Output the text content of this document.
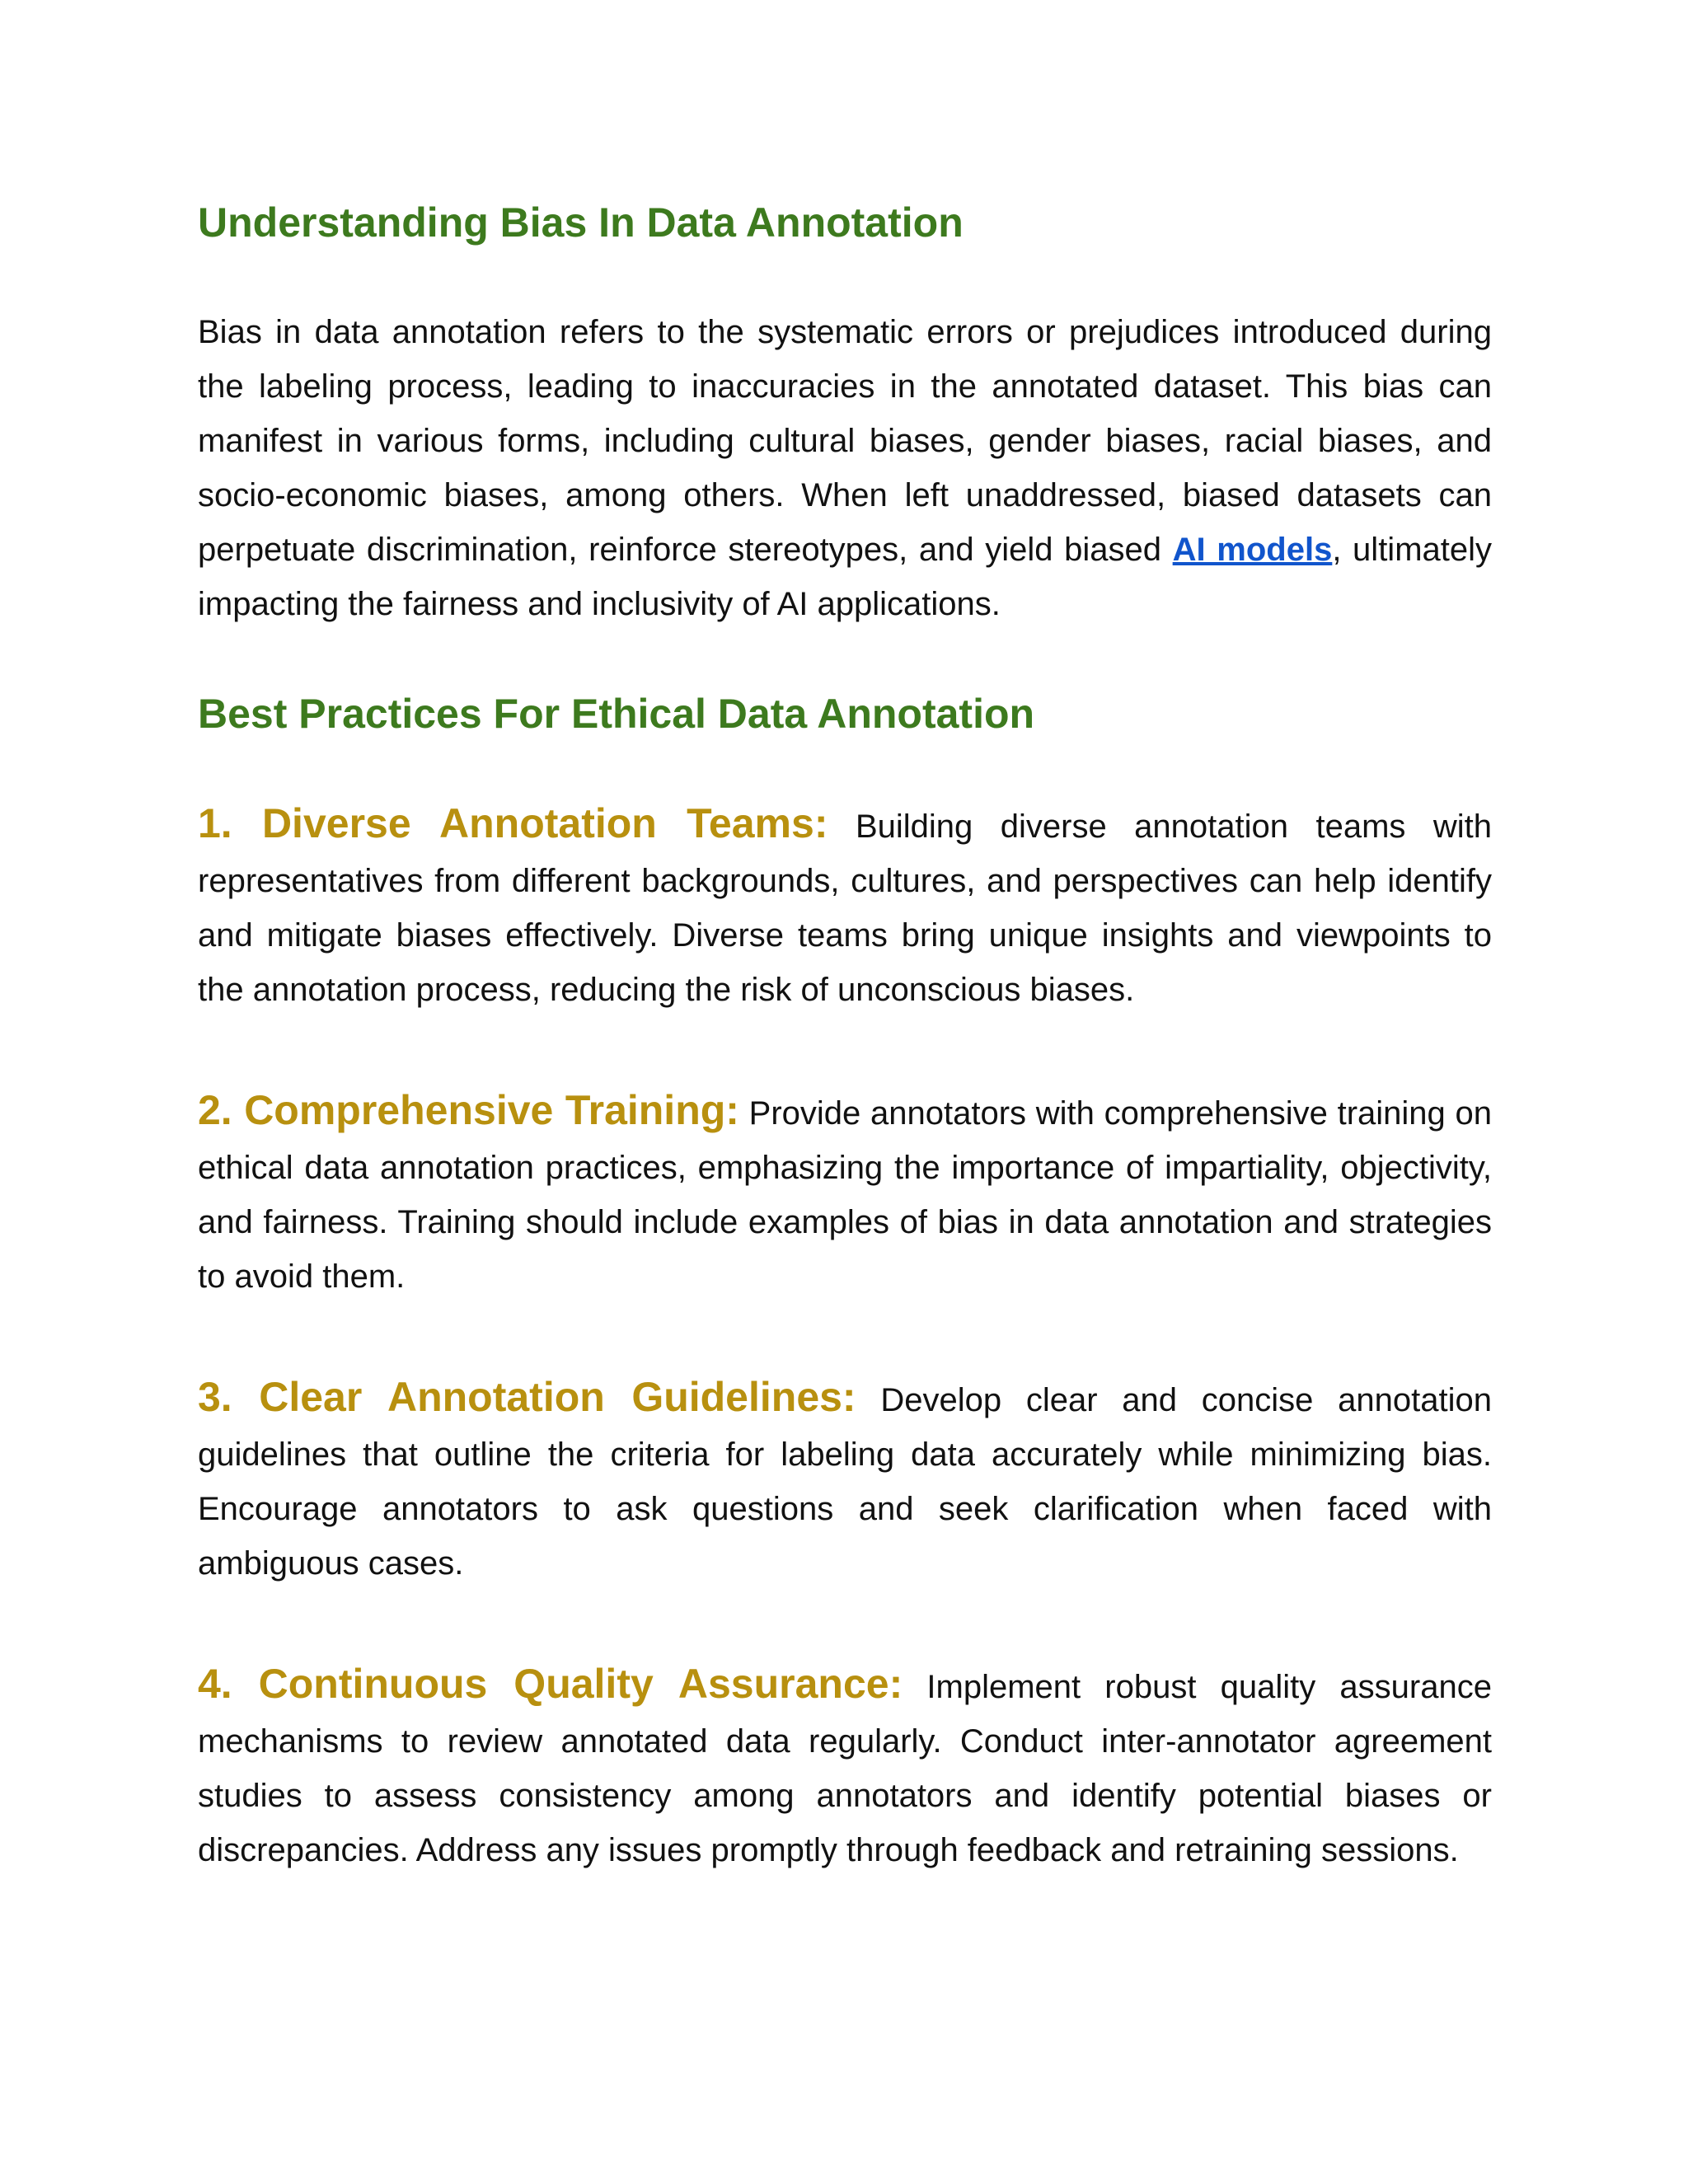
Understanding Bias In Data Annotation

Bias in data annotation refers to the systematic errors or prejudices introduced during the labeling process, leading to inaccuracies in the annotated dataset. This bias can manifest in various forms, including cultural biases, gender biases, racial biases, and socio-economic biases, among others. When left unaddressed, biased datasets can perpetuate discrimination, reinforce stereotypes, and yield biased AI models, ultimately impacting the fairness and inclusivity of AI applications.

Best Practices For Ethical Data Annotation

1. Diverse Annotation Teams: Building diverse annotation teams with representatives from different backgrounds, cultures, and perspectives can help identify and mitigate biases effectively. Diverse teams bring unique insights and viewpoints to the annotation process, reducing the risk of unconscious biases.

2. Comprehensive Training: Provide annotators with comprehensive training on ethical data annotation practices, emphasizing the importance of impartiality, objectivity, and fairness. Training should include examples of bias in data annotation and strategies to avoid them.

3. Clear Annotation Guidelines: Develop clear and concise annotation guidelines that outline the criteria for labeling data accurately while minimizing bias. Encourage annotators to ask questions and seek clarification when faced with ambiguous cases.

4. Continuous Quality Assurance: Implement robust quality assurance mechanisms to review annotated data regularly. Conduct inter-annotator agreement studies to assess consistency among annotators and identify potential biases or discrepancies. Address any issues promptly through feedback and retraining sessions.
